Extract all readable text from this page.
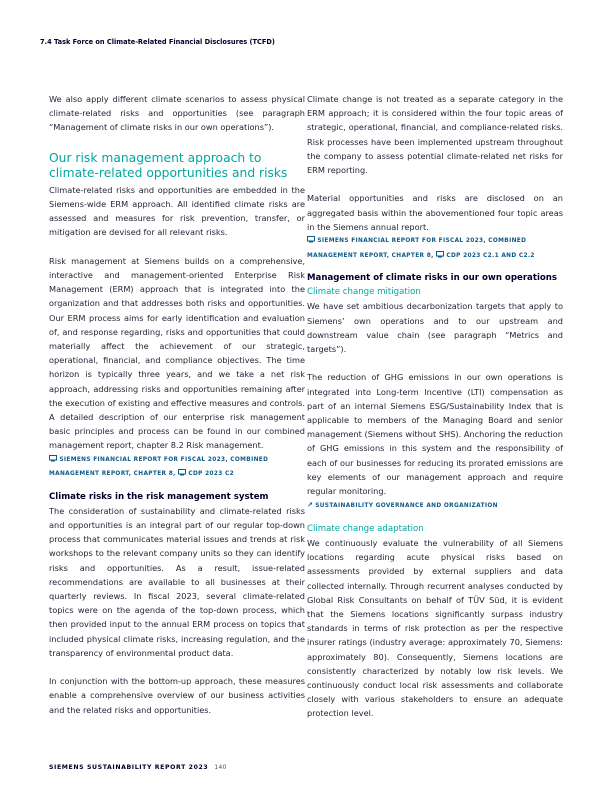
7.4 Task Force on Climate-Related Financial Disclosures (TCFD)

We also apply different climate scenarios to assess physical climate-related risks and opportunities (see paragraph “Management of climate risks in our own operations”).

Our risk management approach to climate-related opportunities and risks

Climate-related risks and opportunities are embedded in the Siemens-wide ERM approach. All identified climate risks are assessed and measures for risk prevention, transfer, or mitigation are devised for all relevant risks.

Risk management at Siemens builds on a comprehensive, interactive and management-oriented Enterprise Risk Management (ERM) approach that is integrated into the organization and that addresses both risks and opportunities. Our ERM process aims for early identification and evaluation of, and response regarding, risks and opportunities that could materially affect the achievement of our strategic, operational, financial, and compliance objectives. The time horizon is typically three years, and we take a net risk approach, addressing risks and opportunities remaining after the execution of existing and effective measures and controls. A detailed description of our enterprise risk management basic principles and process can be found in our combined management report, chapter 8.2 Risk management.

SIEMENS FINANCIAL REPORT FOR FISCAL 2023, COMBINED MANAGEMENT REPORT, CHAPTER 8, CDP 2023 C2
Climate risks in the risk management system

The consideration of sustainability and climate-related risks and opportunities is an integral part of our regular top-down process that communicates material issues and trends at risk workshops to the relevant company units so they can identify risks and opportunities. As a result, issue-related recommendations are available to all businesses at their quarterly reviews. In fiscal 2023, several climate-related topics were on the agenda of the top-down process, which then provided input to the annual ERM process on topics that included physical climate risks, increasing regulation, and the transparency of environmental product data.

In conjunction with the bottom-up approach, these measures enable a comprehensive overview of our business activities and the related risks and opportunities.

Climate change is not treated as a separate category in the ERM approach; it is considered within the four topic areas of strategic, operational, financial, and compliance-related risks. Risk processes have been implemented upstream throughout the company to assess potential climate-related net risks for ERM reporting.

Material opportunities and risks are disclosed on an aggregated basis within the abovementioned four topic areas in the Siemens annual report.

SIEMENS FINANCIAL REPORT FOR FISCAL 2023, COMBINED MANAGEMENT REPORT, CHAPTER 8, CDP 2023 C2.1 AND C2.2
Management of climate risks in our own operations
Climate change mitigation

We have set ambitious decarbonization targets that apply to Siemens’ own operations and to our upstream and downstream value chain (see paragraph “Metrics and targets”).

The reduction of GHG emissions in our own operations is integrated into Long-term Incentive (LTI) compensation as part of an internal Siemens ESG/Sustainability Index that is applicable to members of the Managing Board and senior management (Siemens without SHS). Anchoring the reduction of GHG emissions in this system and the responsibility of each of our businesses for reducing its prorated emissions are key elements of our management approach and require regular monitoring.

↗ SUSTAINABILITY GOVERNANCE AND ORGANIZATION
Climate change adaptation

We continuously evaluate the vulnerability of all Siemens locations regarding acute physical risks based on assessments provided by external suppliers and data collected internally. Through recurrent analyses conducted by Global Risk Consultants on behalf of TÜV Süd, it is evident that the Siemens locations significantly surpass industry standards in terms of risk protection as per the respective insurer ratings (industry average: approximately 70, Siemens: approximately 80). Consequently, Siemens locations are consistently characterized by notably low risk levels. We continuously conduct local risk assessments and collaborate closely with various stakeholders to ensure an adequate protection level.

SIEMENS SUSTAINABILITY REPORT 2023 140
